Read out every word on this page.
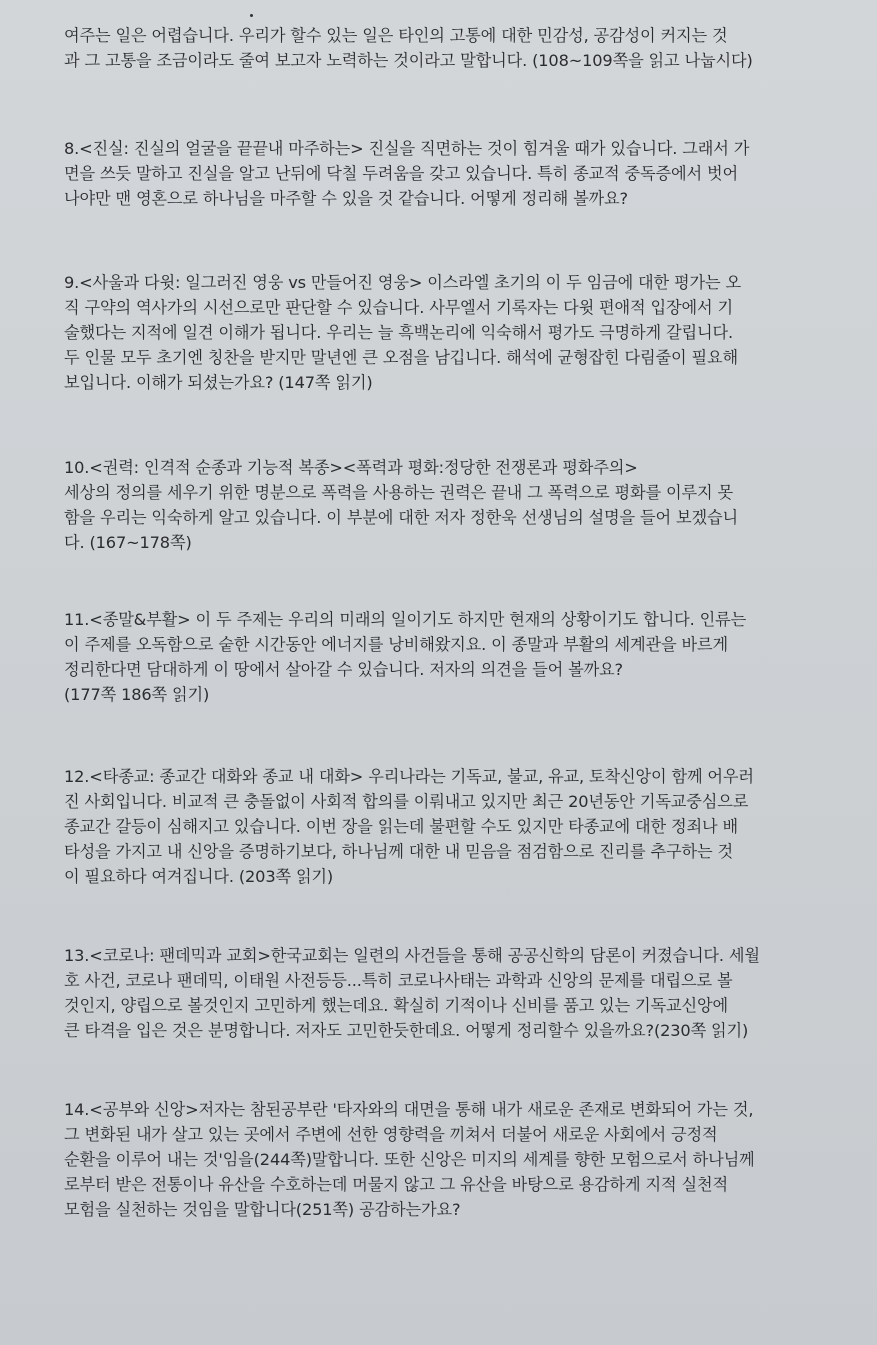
여주는 일은 어렵습니다. 우리가 할수 있는 일은 타인의 고통에 대한 민감성, 공감성이 커지는 것
과 그 고통을 조금이라도 줄여 보고자 노력하는 것이라고 말합니다. (108~109쪽을 읽고 나눕시다)

8.<진실: 진실의 얼굴을 끝끝내 마주하는> 진실을 직면하는 것이 힘겨울 때가 있습니다. 그래서 가
면을 쓰듯 말하고 진실을 알고 난뒤에 닥칠 두려움을 갖고 있습니다. 특히 종교적 중독증에서 벗어
나야만 맨 영혼으로 하나님을 마주할 수 있을 것 같습니다. 어떻게 정리해 볼까요?

9.<사울과 다윗: 일그러진 영웅 vs 만들어진 영웅> 이스라엘 초기의 이 두 임금에 대한 평가는 오
직 구약의 역사가의 시선으로만 판단할 수 있습니다. 사무엘서 기록자는 다윗 편애적 입장에서 기
술했다는 지적에 일견 이해가 됩니다. 우리는 늘 흑백논리에 익숙해서 평가도 극명하게 갈립니다.
두 인물 모두 초기엔 칭찬을 받지만 말년엔 큰 오점을 남깁니다. 해석에 균형잡힌 다림줄이 필요해
보입니다. 이해가 되셨는가요? (147쪽 읽기)

10.<권력: 인격적 순종과 기능적 복종><폭력과 평화:정당한 전쟁론과 평화주의>
세상의 정의를 세우기 위한 명분으로 폭력을 사용하는 권력은 끝내 그 폭력으로 평화를 이루지 못
함을 우리는 익숙하게 알고 있습니다. 이 부분에 대한 저자 정한욱 선생님의 설명을 들어 보겠습니
다. (167~178쪽)

11.<종말&부활> 이 두 주제는 우리의 미래의 일이기도 하지만 현재의 상황이기도 합니다. 인류는
이 주제를 오독함으로 숱한 시간동안 에너지를 낭비해왔지요. 이 종말과 부활의 세계관을 바르게
정리한다면 담대하게 이 땅에서 살아갈 수 있습니다. 저자의 의견을 들어 볼까요?
(177쪽 186쪽 읽기)

12.<타종교: 종교간 대화와 종교 내 대화> 우리나라는 기독교, 불교, 유교, 토착신앙이 함께 어우러
진 사회입니다. 비교적 큰 충돌없이 사회적 합의를 이뤄내고 있지만 최근 20년동안 기독교중심으로
종교간 갈등이 심해지고 있습니다. 이번 장을 읽는데 불편할 수도 있지만 타종교에 대한 정죄나 배
타성을 가지고 내 신앙을 증명하기보다, 하나님께 대한 내 믿음을 점검함으로 진리를 추구하는 것
이 필요하다 여겨집니다. (203쪽 읽기)

13.<코로나: 팬데믹과 교회>한국교회는 일련의 사건들을 통해 공공신학의 담론이 커졌습니다. 세월
호 사건, 코로나 팬데믹, 이태원 사전등등...특히 코로나사태는 과학과 신앙의 문제를 대립으로 볼
것인지, 양립으로 볼것인지 고민하게 했는데요. 확실히 기적이나 신비를 품고 있는 기독교신앙에
큰 타격을 입은 것은 분명합니다. 저자도 고민한듯한데요. 어떻게 정리할수 있을까요?(230쪽 읽기)

14.<공부와 신앙>저자는 참된공부란 '타자와의 대면을 통해 내가 새로운 존재로 변화되어 가는 것,
그 변화된 내가 살고 있는 곳에서 주변에 선한 영향력을 끼쳐서 더불어 새로운 사회에서 긍정적
순환을 이루어 내는 것'임을(244쪽)말합니다. 또한 신앙은 미지의 세계를 향한 모험으로서 하나님께
로부터 받은 전통이나 유산을 수호하는데 머물지 않고 그 유산을 바탕으로 용감하게 지적 실천적
모험을 실천하는 것임을 말합니다(251쪽) 공감하는가요?
